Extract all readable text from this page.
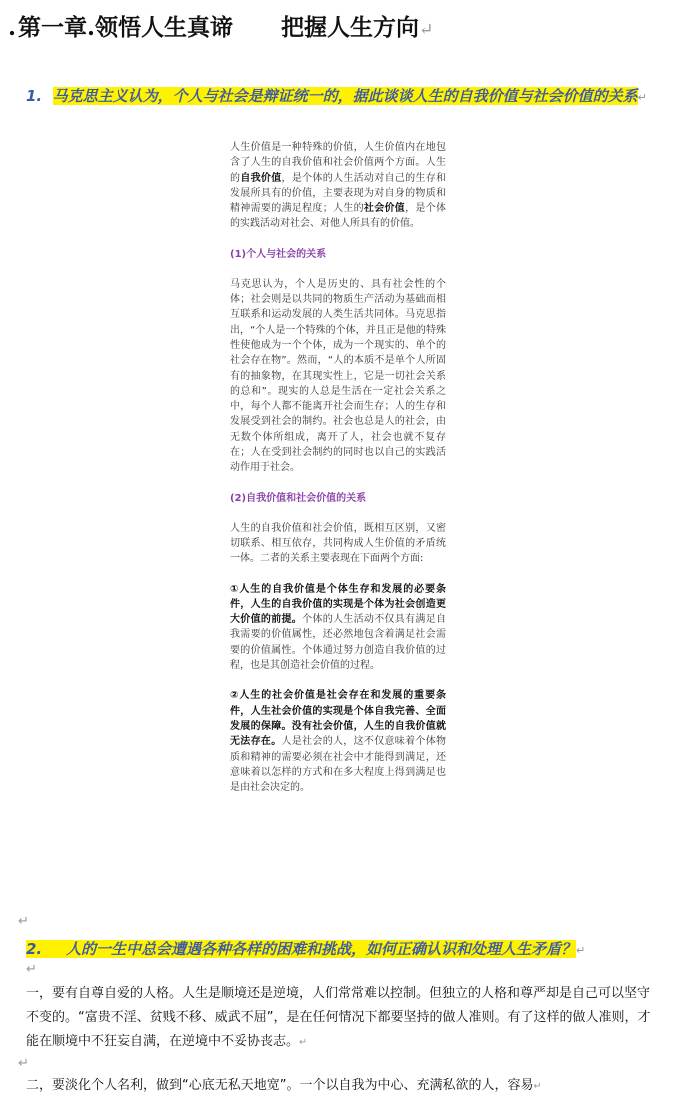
.第一章.领悟人生真谛 把握人生方向↵
1. 马克思主义认为，个人与社会是辩证统一的，据此谈谈人生的自我价值与社会价值的关系↵

人生价值是一种特殊的价值，人生价值内在地包含了人生的自我价值和社会价值两个方面。人生的自我价值，是个体的人生活动对自己的生存和发展所具有的价值，主要表现为对自身的物质和精神需要的满足程度；人生的社会价值，是个体的实践活动对社会、对他人所具有的价值。

(1)个人与社会的关系

马克思认为，个人是历史的、具有社会性的个体；社会则是以共同的物质生产活动为基础而相互联系和运动发展的人类生活共同体。马克思指出，“个人是一个特殊的个体，并且正是他的特殊性使他成为一个个体，成为一个现实的、单个的社会存在物”。然而，“人的本质不是单个人所固有的抽象物，在其现实性上，它是一切社会关系的总和”。现实的人总是生活在一定社会关系之中，每个人都不能离开社会而生存；人的生存和发展受到社会的制约。社会也总是人的社会，由无数个体所组成，离开了人，社会也就不复存在；人在受到社会制约的同时也以自己的实践活动作用于社会。

(2)自我价值和社会价值的关系

人生的自我价值和社会价值，既相互区别，又密切联系、相互依存，共同构成人生价值的矛盾统一体。二者的关系主要表现在下面两个方面:

①人生的自我价值是个体生存和发展的必要条件，人生的自我价值的实现是个体为社会创造更大价值的前提。个体的人生活动不仅具有满足自我需要的价值属性，还必然地包含着满足社会需要的价值属性。个体通过努力创造自我价值的过程，也是其创造社会价值的过程。

②人生的社会价值是社会存在和发展的重要条件，人生社会价值的实现是个体自我完善、全面发展的保障。没有社会价值，人生的自我价值就无法存在。人是社会的人，这不仅意味着个体物质和精神的需要必须在社会中才能得到满足，还意味着以怎样的方式和在多大程度上得到满足也是由社会决定的。

↵
2. 人的一生中总会遭遇各种各样的困难和挑战，如何正确认识和处理人生矛盾？↵
↵
一，要有自尊自爱的人格。人生是顺境还是逆境，人们常常难以控制。但独立的人格和尊严却是自己可以坚守不变的。“富贵不淫、贫贱不移、威武不屈”，是在任何情况下都要坚持的做人准则。有了这样的做人准则，才能在顺境中不狂妄自满，在逆境中不妥协丧志。↵
↵
二，要淡化个人名利，做到“心底无私天地宽”。一个以自我为中心、充满私欲的人，容易↵
